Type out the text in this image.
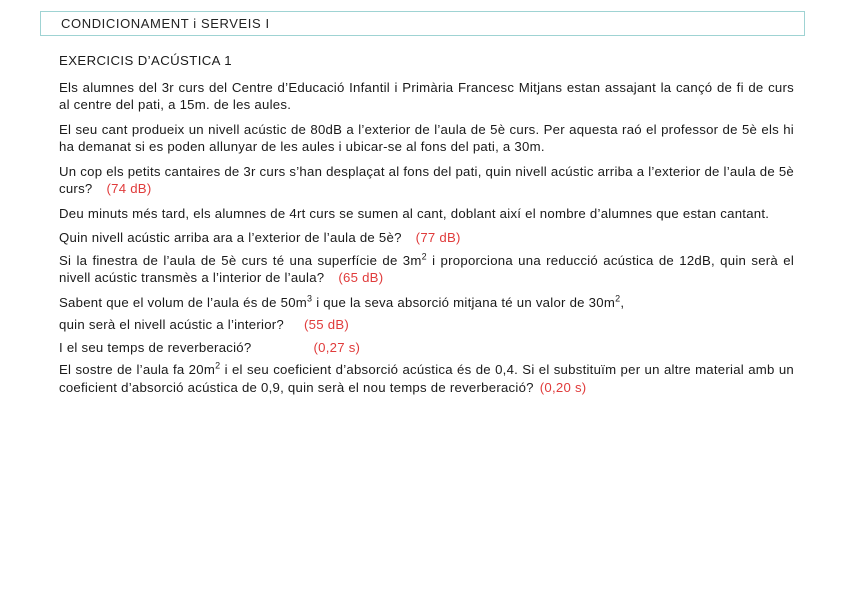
CONDICIONAMENT i SERVEIS I
EXERCICIS D’ACÚSTICA 1

Els alumnes del 3r curs del Centre d’Educació Infantil i Primària Francesc Mitjans estan assajant la cançó de fi de curs al centre del pati, a 15m. de les aules.

El seu cant produeix un nivell acústic de 80dB a l’exterior de l’aula de 5è curs. Per aquesta raó el professor de 5è els hi ha demanat si es poden allunyar de les aules i ubicar-se al fons del pati, a 30m.

Un cop els petits cantaires de 3r curs s’han desplaçat al fons del pati, quin nivell acústic arriba a l’exterior de l’aula de 5è curs? (74 dB)

Deu minuts més tard, els alumnes de 4rt curs se sumen al cant, doblant així el nombre d’alumnes que estan cantant.

Quin nivell acústic arriba ara a l’exterior de l’aula de 5è? (77 dB)

Si la finestra de l’aula de 5è curs té una superfície de $3m^2$ i proporciona una reducció acústica de 12dB, quin serà el nivell acústic transmès a l’interior de l’aula? (65 dB)

Sabent que el volum de l’aula és de $50m^3$ i que la seva absorció mitjana té un valor de $30m^2$,

quin serà el nivell acústic a l’interior? (55 dB)

I el seu temps de reverberació?	(0,27 s)

El sostre de l’aula fa $20m^2$ i el seu coeficient d’absorció acústica és de 0,4. Si el substituïm per un altre material amb un coeficient d’absorció acústica de 0,9, quin serà el nou temps de reverberació? (0,20 s)
